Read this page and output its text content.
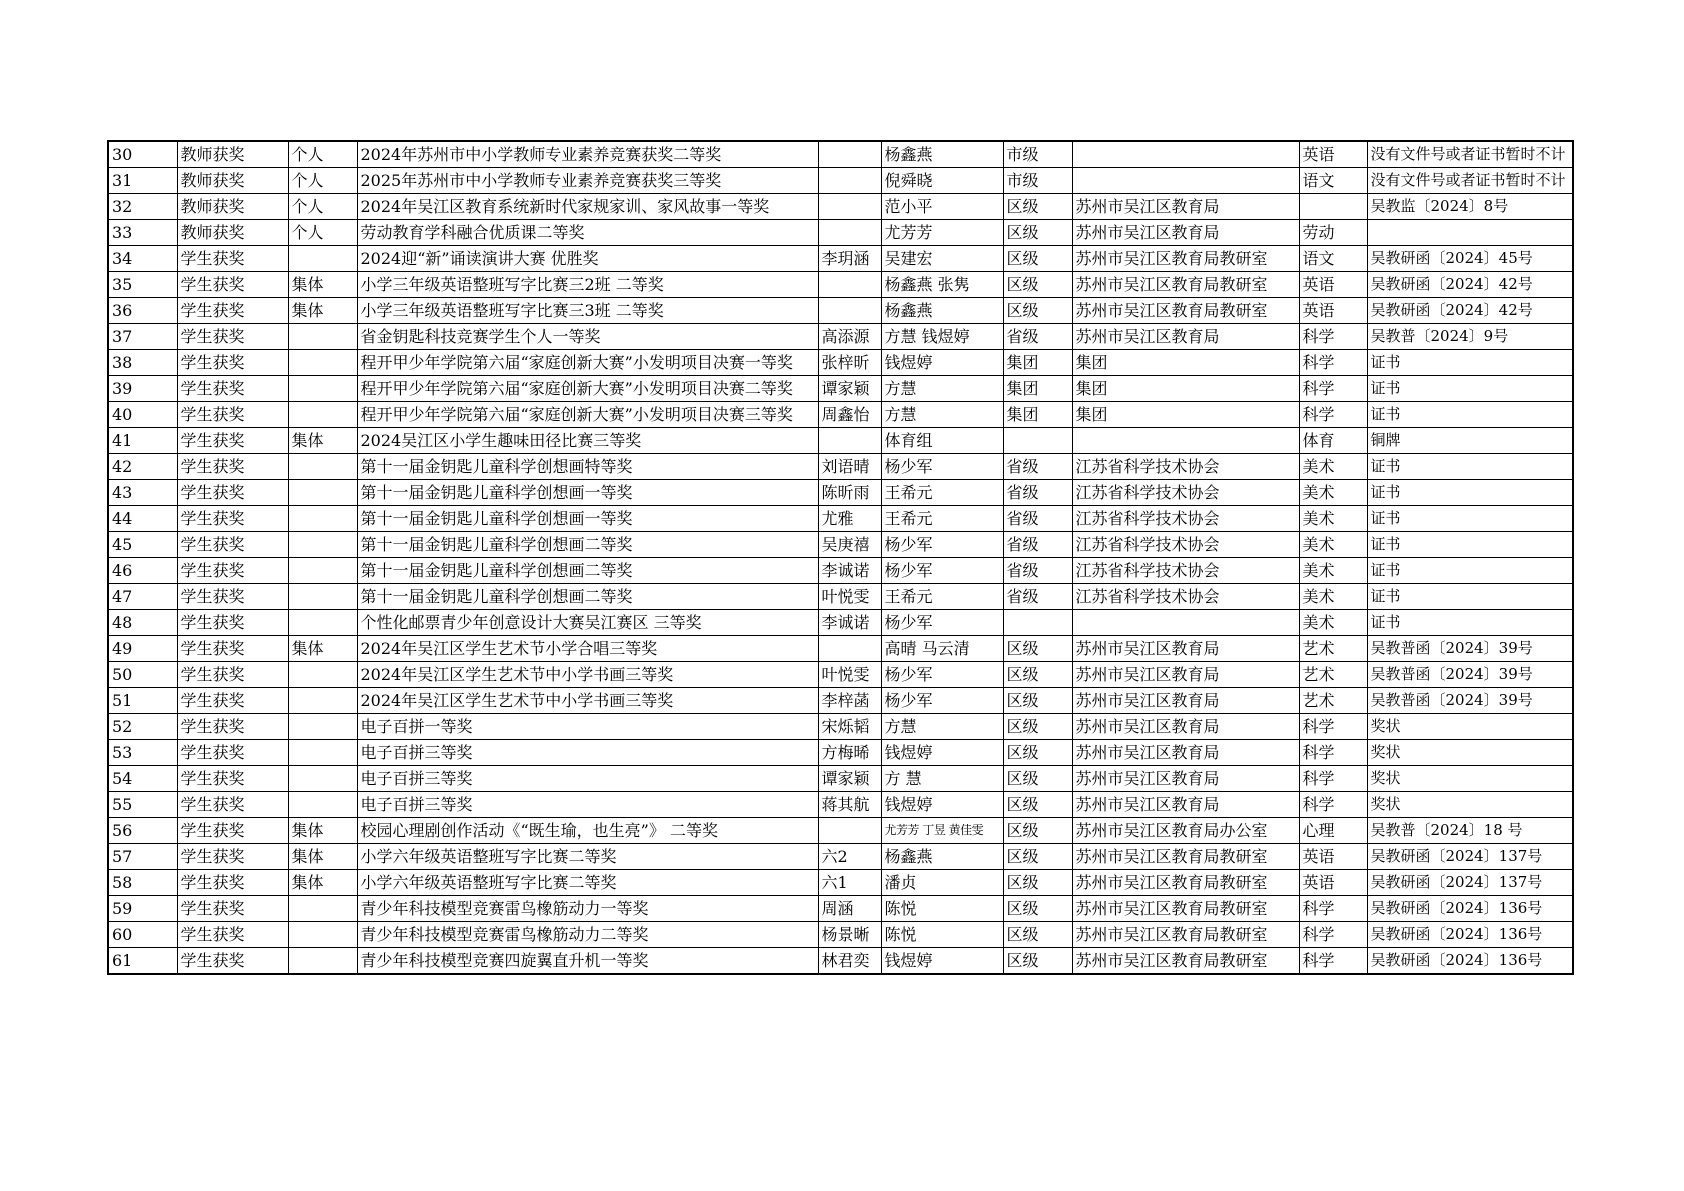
30	教师获奖	个人	2024年苏州市中小学教师专业素养竞赛获奖二等奖		杨鑫燕	市级		英语	没有文件号或者证书暂时不计
31	教师获奖	个人	2025年苏州市中小学教师专业素养竞赛获奖三等奖		倪舜晓	市级		语文	没有文件号或者证书暂时不计
32	教师获奖	个人	2024年吴江区教育系统新时代家规家训、家风故事一等奖		范小平	区级	苏州市吴江区教育局		吴教监〔2024〕8号
33	教师获奖	个人	劳动教育学科融合优质课二等奖		尤芳芳	区级	苏州市吴江区教育局	劳动	
34	学生获奖		2024迎“新”诵读演讲大赛 优胜奖	李玥涵	吴建宏	区级	苏州市吴江区教育局教研室	语文	吴教研函〔2024〕45号
35	学生获奖	集体	小学三年级英语整班写字比赛三2班 二等奖		杨鑫燕 张隽	区级	苏州市吴江区教育局教研室	英语	吴教研函〔2024〕42号
36	学生获奖	集体	小学三年级英语整班写字比赛三3班 二等奖		杨鑫燕	区级	苏州市吴江区教育局教研室	英语	吴教研函〔2024〕42号
37	学生获奖		省金钥匙科技竞赛学生个人一等奖	高添源	方慧 钱煜婷	省级	苏州市吴江区教育局	科学	吴教普〔2024〕9号
38	学生获奖		程开甲少年学院第六届“家庭创新大赛”小发明项目决赛一等奖	张梓昕	钱煜婷	集团	集团	科学	证书
39	学生获奖		程开甲少年学院第六届“家庭创新大赛”小发明项目决赛二等奖	谭家颖	方慧	集团	集团	科学	证书
40	学生获奖		程开甲少年学院第六届“家庭创新大赛”小发明项目决赛三等奖	周鑫怡	方慧	集团	集团	科学	证书
41	学生获奖	集体	2024吴江区小学生趣味田径比赛三等奖		体育组			体育	铜牌
42	学生获奖		第十一届金钥匙儿童科学创想画特等奖	刘语晴	杨少军	省级	江苏省科学技术协会	美术	证书
43	学生获奖		第十一届金钥匙儿童科学创想画一等奖	陈昕雨	王希元	省级	江苏省科学技术协会	美术	证书
44	学生获奖		第十一届金钥匙儿童科学创想画一等奖	尤雅	王希元	省级	江苏省科学技术协会	美术	证书
45	学生获奖		第十一届金钥匙儿童科学创想画二等奖	吴庚禧	杨少军	省级	江苏省科学技术协会	美术	证书
46	学生获奖		第十一届金钥匙儿童科学创想画二等奖	李诚诺	杨少军	省级	江苏省科学技术协会	美术	证书
47	学生获奖		第十一届金钥匙儿童科学创想画二等奖	叶悦雯	王希元	省级	江苏省科学技术协会	美术	证书
48	学生获奖		个性化邮票青少年创意设计大赛吴江赛区 三等奖	李诚诺	杨少军			美术	证书
49	学生获奖	集体	2024年吴江区学生艺术节小学合唱三等奖		高晴 马云清	区级	苏州市吴江区教育局	艺术	吴教普函〔2024〕39号
50	学生获奖		2024年吴江区学生艺术节中小学书画三等奖	叶悦雯	杨少军	区级	苏州市吴江区教育局	艺术	吴教普函〔2024〕39号
51	学生获奖		2024年吴江区学生艺术节中小学书画三等奖	李梓菡	杨少军	区级	苏州市吴江区教育局	艺术	吴教普函〔2024〕39号
52	学生获奖		电子百拼一等奖	宋烁韬	方慧	区级	苏州市吴江区教育局	科学	奖状
53	学生获奖		电子百拼三等奖	方梅晞	钱煜婷	区级	苏州市吴江区教育局	科学	奖状
54	学生获奖		电子百拼三等奖	谭家颖	方 慧	区级	苏州市吴江区教育局	科学	奖状
55	学生获奖		电子百拼三等奖	蒋其航	钱煜婷	区级	苏州市吴江区教育局	科学	奖状
56	学生获奖	集体	校园心理剧创作活动《“既生瑜，也生亮”》 二等奖		尤芳芳 丁昱 黄佳雯	区级	苏州市吴江区教育局办公室	心理	吴教普〔2024〕18 号
57	学生获奖	集体	小学六年级英语整班写字比赛二等奖	六2	杨鑫燕	区级	苏州市吴江区教育局教研室	英语	吴教研函〔2024〕137号
58	学生获奖	集体	小学六年级英语整班写字比赛二等奖	六1	潘贞	区级	苏州市吴江区教育局教研室	英语	吴教研函〔2024〕137号
59	学生获奖		青少年科技模型竞赛雷鸟橡筋动力一等奖	周涵	陈悦	区级	苏州市吴江区教育局教研室	科学	吴教研函〔2024〕136号
60	学生获奖		青少年科技模型竞赛雷鸟橡筋动力二等奖	杨景晰	陈悦	区级	苏州市吴江区教育局教研室	科学	吴教研函〔2024〕136号
61	学生获奖		青少年科技模型竞赛四旋翼直升机一等奖	林君奕	钱煜婷	区级	苏州市吴江区教育局教研室	科学	吴教研函〔2024〕136号
